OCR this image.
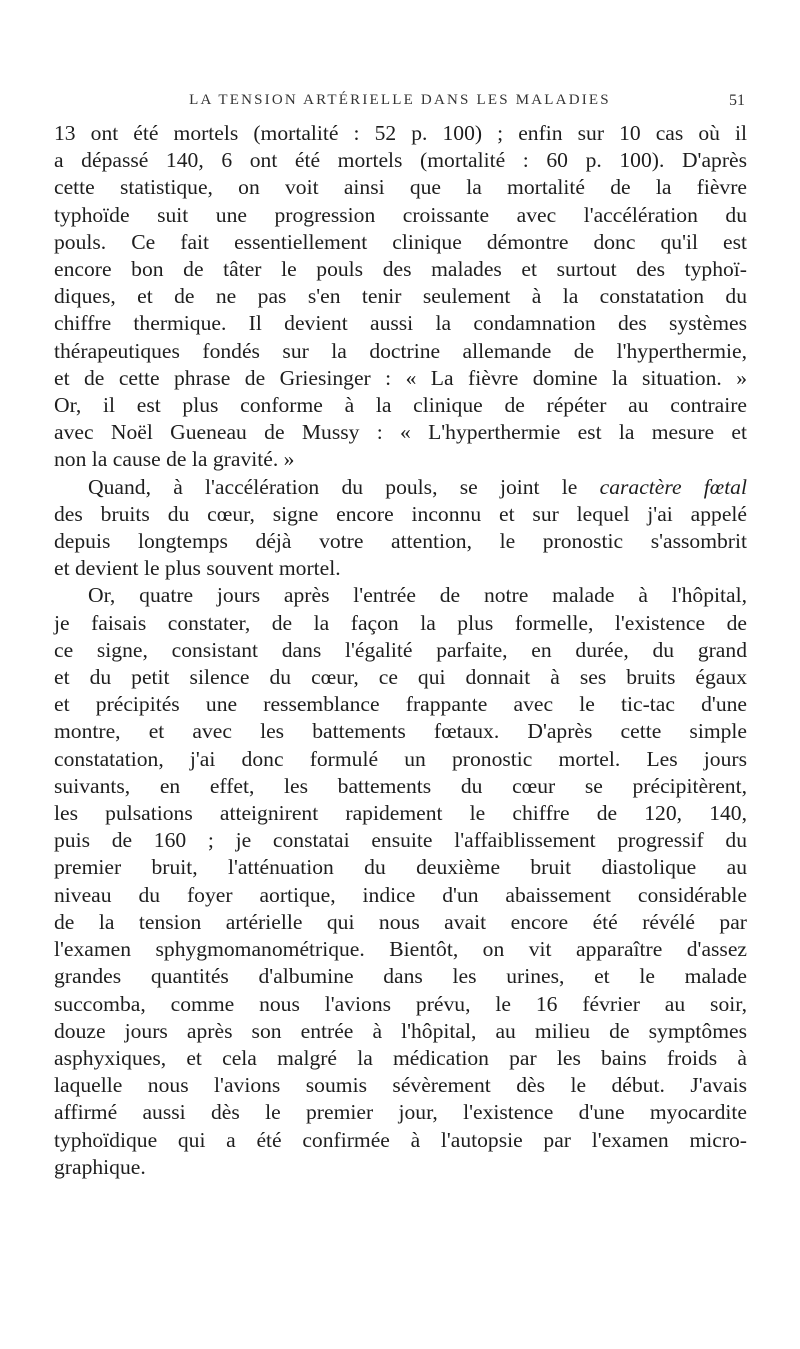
LA TENSION ARTÉRIELLE DANS LES MALADIES	51

13 ont été mortels (mortalité : 52 p. 100) ; enfin sur 10 cas où il

a dépassé 140, 6 ont été mortels (mortalité : 60 p. 100). D'après

cette statistique, on voit ainsi que la mortalité de la fièvre

typhoïde suit une progression croissante avec l'accélération du

pouls. Ce fait essentiellement clinique démontre donc qu'il est

encore bon de tâter le pouls des malades et surtout des typhoï-

diques, et de ne pas s'en tenir seulement à la constatation du

chiffre thermique. Il devient aussi la condamnation des systèmes

thérapeutiques fondés sur la doctrine allemande de l'hyperthermie,

et de cette phrase de Griesinger : « La fièvre domine la situation. »

Or, il est plus conforme à la clinique de répéter au contraire

avec Noël Gueneau de Mussy : « L'hyperthermie est la mesure et

non la cause de la gravité. »

Quand, à l'accélération du pouls, se joint le caractère fœtal

des bruits du cœur, signe encore inconnu et sur lequel j'ai appelé

depuis longtemps déjà votre attention, le pronostic s'assombrit

et devient le plus souvent mortel.

Or, quatre jours après l'entrée de notre malade à l'hôpital,

je faisais constater, de la façon la plus formelle, l'existence de

ce signe, consistant dans l'égalité parfaite, en durée, du grand

et du petit silence du cœur, ce qui donnait à ses bruits égaux

et précipités une ressemblance frappante avec le tic-tac d'une

montre, et avec les battements fœtaux. D'après cette simple

constatation, j'ai donc formulé un pronostic mortel. Les jours

suivants, en effet, les battements du cœur se précipitèrent,

les pulsations atteignirent rapidement le chiffre de 120, 140,

puis de 160 ; je constatai ensuite l'affaiblissement progressif du

premier bruit, l'atténuation du deuxième bruit diastolique au

niveau du foyer aortique, indice d'un abaissement considérable

de la tension artérielle qui nous avait encore été révélé par

l'examen sphygmomanométrique. Bientôt, on vit apparaître d'assez

grandes quantités d'albumine dans les urines, et le malade

succomba, comme nous l'avions prévu, le 16 février au soir,

douze jours après son entrée à l'hôpital, au milieu de symptômes

asphyxiques, et cela malgré la médication par les bains froids à

laquelle nous l'avions soumis sévèrement dès le début. J'avais

affirmé aussi dès le premier jour, l'existence d'une myocardite

typhoïdique qui a été confirmée à l'autopsie par l'examen micro-

graphique.
